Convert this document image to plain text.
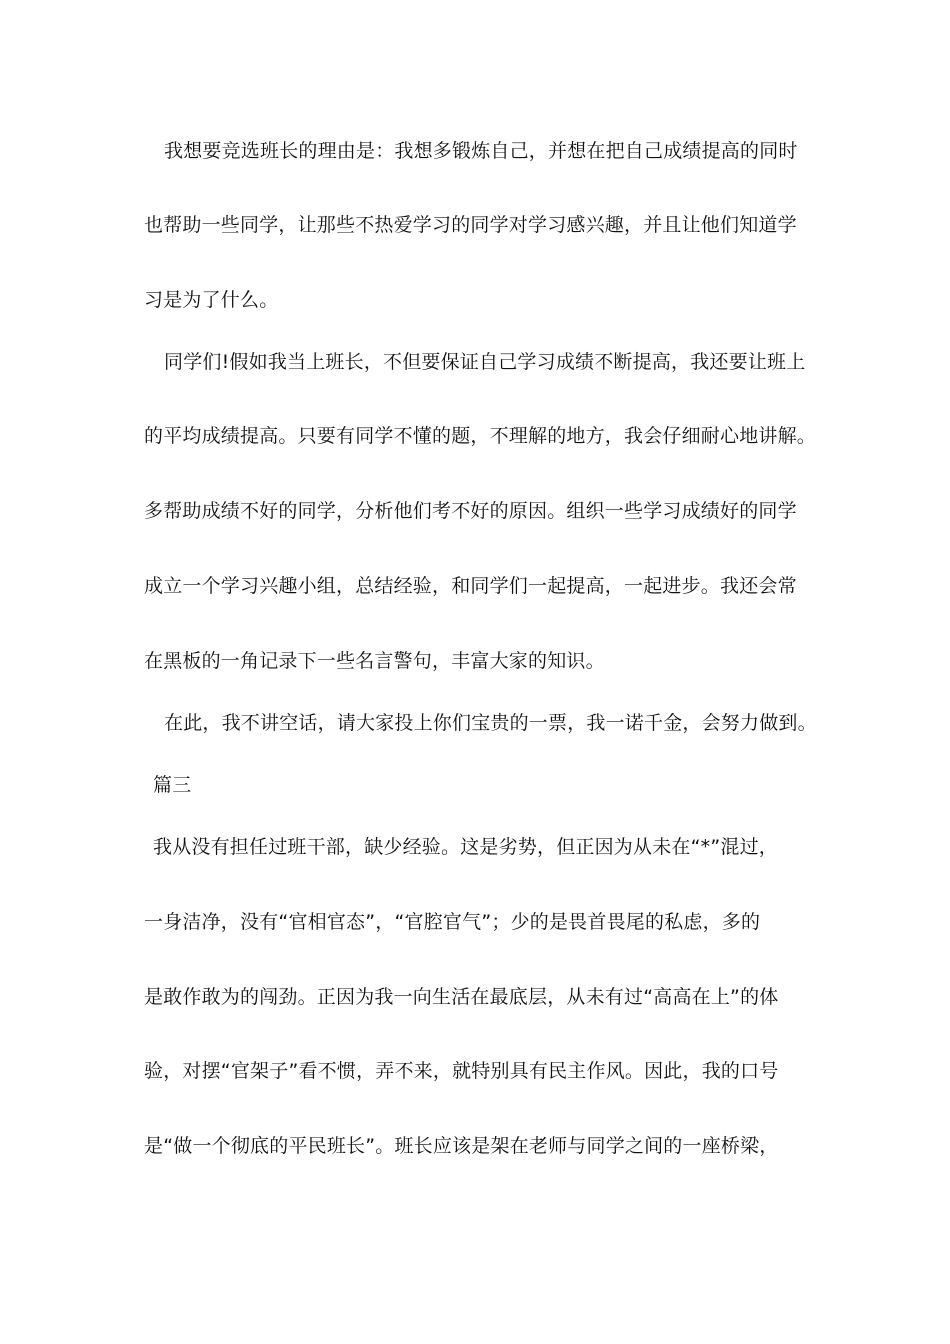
我想要竞选班长的理由是：我想多锻炼自己，并想在把自己成绩提高的同时
也帮助一些同学，让那些不热爱学习的同学对学习感兴趣，并且让他们知道学
习是为了什么。
同学们!假如我当上班长，不但要保证自己学习成绩不断提高，我还要让班上
的平均成绩提高。只要有同学不懂的题，不理解的地方，我会仔细耐心地讲解。
多帮助成绩不好的同学，分析他们考不好的原因。组织一些学习成绩好的同学
成立一个学习兴趣小组，总结经验，和同学们一起提高，一起进步。我还会常
在黑板的一角记录下一些名言警句，丰富大家的知识。
在此，我不讲空话，请大家投上你们宝贵的一票，我一诺千金，会努力做到。
篇三
我从没有担任过班干部，缺少经验。这是劣势，但正因为从未在“*”混过，
一身洁净，没有“官相官态”，“官腔官气”；少的是畏首畏尾的私虑，多的
是敢作敢为的闯劲。正因为我一向生活在最底层，从未有过“高高在上”的体
验，对摆“官架子”看不惯，弄不来，就特别具有民主作风。因此，我的口号
是“做一个彻底的平民班长”。班长应该是架在老师与同学之间的一座桥梁，
